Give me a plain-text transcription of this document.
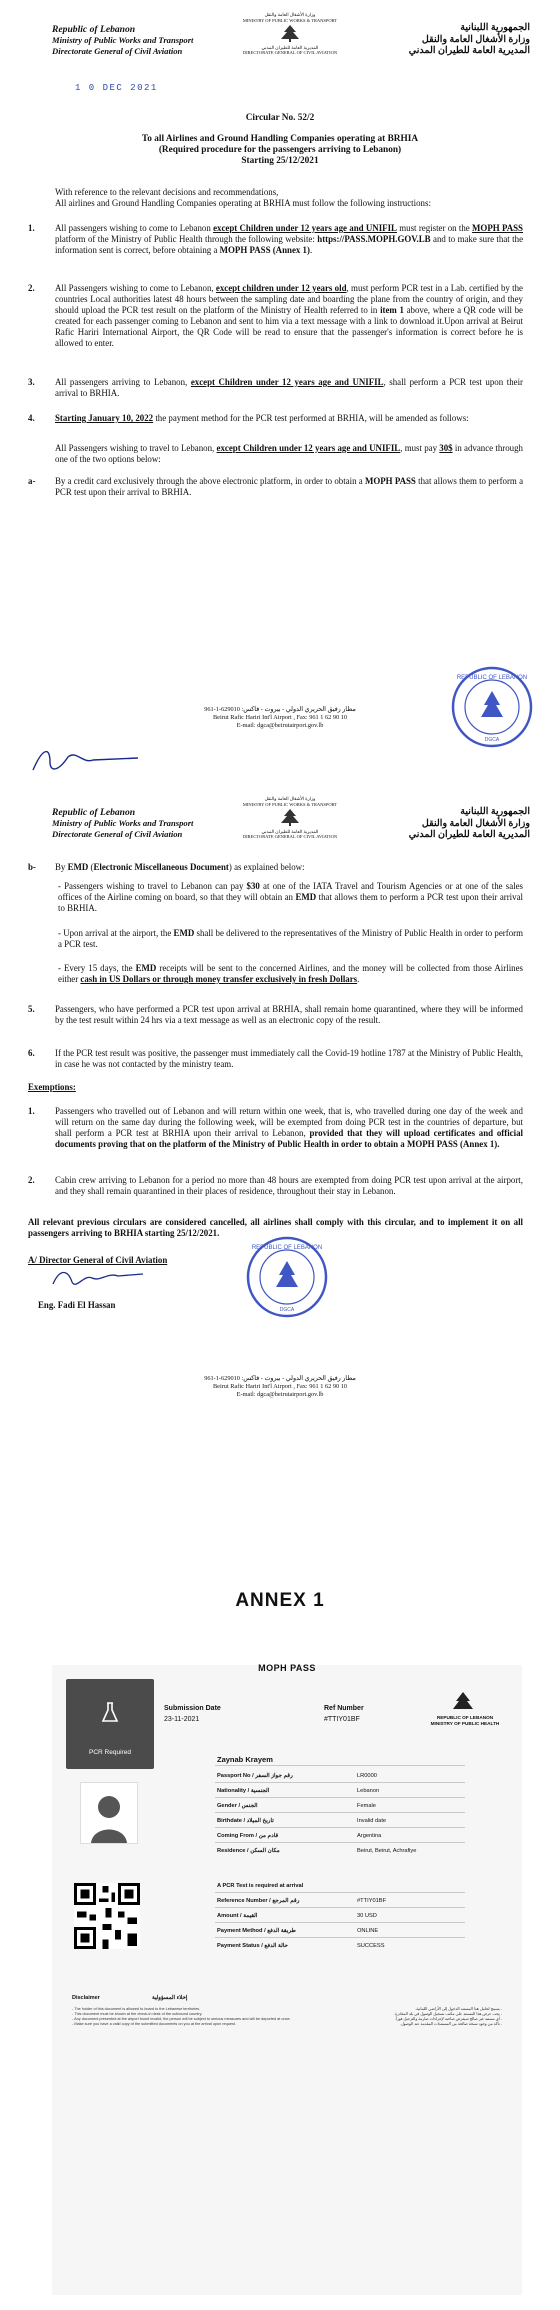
Republic of Lebanon
Ministry of Public Works and Transport
Directorate General of Civil Aviation
وزارة الأشغال العامة والنقل
MINISTRY OF PUBLIC WORKS & TRANSPORT
المديرية العامة للطيران المدني
DIRECTORATE GENERAL OF CIVIL AVIATION
الجمهورية اللبنانية
وزارة الأشغال العامة والنقل
المديرية العامة للطيران المدني
1 0 DEC 2021
Circular No. 52/2
To all Airlines and Ground Handling Companies operating at BRHIA
(Required procedure for the passengers arriving to Lebanon)
Starting 25/12/2021
With reference to the relevant decisions and recommendations,
All airlines and Ground Handling Companies operating at BRHIA must follow the following instructions:
1. All passengers wishing to come to Lebanon except Children under 12 years age and UNIFIL must register on the MOPH PASS platform of the Ministry of Public Health through the following website: https://PASS.MOPH.GOV.LB and to make sure that the information sent is correct, before obtaining a MOPH PASS (Annex 1).
2. All Passengers wishing to come to Lebanon, except children under 12 years old, must perform PCR test in a Lab. certified by the countries Local authorities latest 48 hours between the sampling date and boarding the plane from the country of origin, and they should upload the PCR test result on the platform of the Ministry of Health referred to in item 1 above, where a QR code will be created for each passenger coming to Lebanon and sent to him via a text message with a link to download it.Upon arrival at Beirut Rafic Hariri International Airport, the QR Code will be read to ensure that the passenger's information is correct before he is allowed to enter.
3. All passengers arriving to Lebanon, except Children under 12 years age and UNIFIL, shall perform a PCR test upon their arrival to BRHIA.
4. Starting January 10, 2022 the payment method for the PCR test performed at BRHIA, will be amended as follows:
All Passengers wishing to travel to Lebanon, except Children under 12 years age and UNIFIL, must pay 30$ in advance through one of the two options below:
a- By a credit card exclusively through the above electronic platform, in order to obtain a MOPH PASS that allows them to perform a PCR test upon their arrival to BRHIA.
REPUBLIC OF LEBANON
DGCA
961-1-629010 :مطار رفيق الحريري الدولي - بيروت - فاكس
Beirut Rafic Hariri Int'l Airport , Fax: 961 1 62 90 10
E-mail: dgca@beirutairport.gov.lb
Republic of Lebanon
Ministry of Public Works and Transport
Directorate General of Civil Aviation
وزارة الأشغال العامة والنقل
MINISTRY OF PUBLIC WORKS & TRANSPORT
المديرية العامة للطيران المدني
DIRECTORATE GENERAL OF CIVIL AVIATION
الجمهورية اللبنانية
وزارة الأشغال العامة والنقل
المديرية العامة للطيران المدني
b- By EMD (Electronic Miscellaneous Document) as explained below:
- Passengers wishing to travel to Lebanon can pay $30 at one of the IATA Travel and Tourism Agencies or at one of the sales offices of the Airline coming on board, so that they will obtain an EMD that allows them to perform a PCR test upon their arrival to BRHIA.
- Upon arrival at the airport, the EMD shall be delivered to the representatives of the Ministry of Public Health in order to perform a PCR test.
- Every 15 days, the EMD receipts will be sent to the concerned Airlines, and the money will be collected from those Airlines either cash in US Dollars or through money transfer exclusively in fresh Dollars.
5. Passengers, who have performed a PCR test upon arrival at BRHIA, shall remain home quarantined, where they will be informed by the test result within 24 hrs via a text message as well as an electronic copy of the result.
6. If the PCR test result was positive, the passenger must immediately call the Covid-19 hotline 1787 at the Ministry of Public Health, in case he was not contacted by the ministry team.
Exemptions:
1. Passengers who travelled out of Lebanon and will return within one week, that is, who travelled during one day of the week and will return on the same day during the following week, will be exempted from doing PCR test in the countries of departure, but shall perform a PCR test at BRHIA upon their arrival to Lebanon, provided that they will upload certificates and official documents proving that on the platform of the Ministry of Public Health in order to obtain a MOPH PASS (Annex 1).
2. Cabin crew arriving to Lebanon for a period no more than 48 hours are exempted from doing PCR test upon arrival at the airport, and they shall remain quarantined in their places of residence, throughout their stay in Lebanon.
All relevant previous circulars are considered cancelled, all airlines shall comply with this circular, and to implement it on all passengers arriving to BRHIA starting 25/12/2021.
A/ Director General of Civil Aviation
Eng. Fadi El Hassan
REPUBLIC OF LEBANON
DGCA
961-1-629010 :مطار رفيق الحريري الدولي - بيروت - فاكس
Beirut Rafic Hariri Int'l Airport , Fax: 961 1 62 90 10
E-mail: dgca@beirutairport.gov.lb
ANNEX 1
MOPH PASS
PCR Required
Submission Date
23-11-2021
Ref Number
#TTIY01BF	REPUBLIC OF LEBANON
MINISTRY OF PUBLIC HEALTH
Zaynab Krayem
Passport No / رقم جواز السفر	LR0000
Nationality / الجنسية	Lebanon
Gender / الجنس	Female
Birthdate / تاريخ الميلاد	Invalid date
Coming From / قادم من	Argentina
Residence / مكان السكن	Beirut, Beirut, Achrafiye
A PCR Test is required at arrival
Reference Number / رقم المرجع	#TTIY01BF
Amount / القيمة	30 USD
Payment Method / طريقة الدفع	ONLINE
Payment Status / حالة الدفع	SUCCESS
Disclaimer	إخلاء المسؤولية
- The holder of this document is allowed to board to the Lebanese territories.
- This document must be shown at the check-in desk of the outbound country.
- Any document presented at the airport found invalid, the person will be subject to serious measures and will be deported at once.
- Make sure you have a valid copy of the submitted documents on you at the arrival upon request.
- يسمح لحامل هذا المستند الدخول إلى الأراضي اللبنانية.
- يجب عرض هذا المستند على مكتب تسجيل الوصول في بلد المغادرة.
- أي مستند غير صالح سيعرض صاحبه لإجراءات صارمة والترحيل فوراً.
- تأكد من وجود نسخة صالحة من المستندات المقدمة عند الوصول.
